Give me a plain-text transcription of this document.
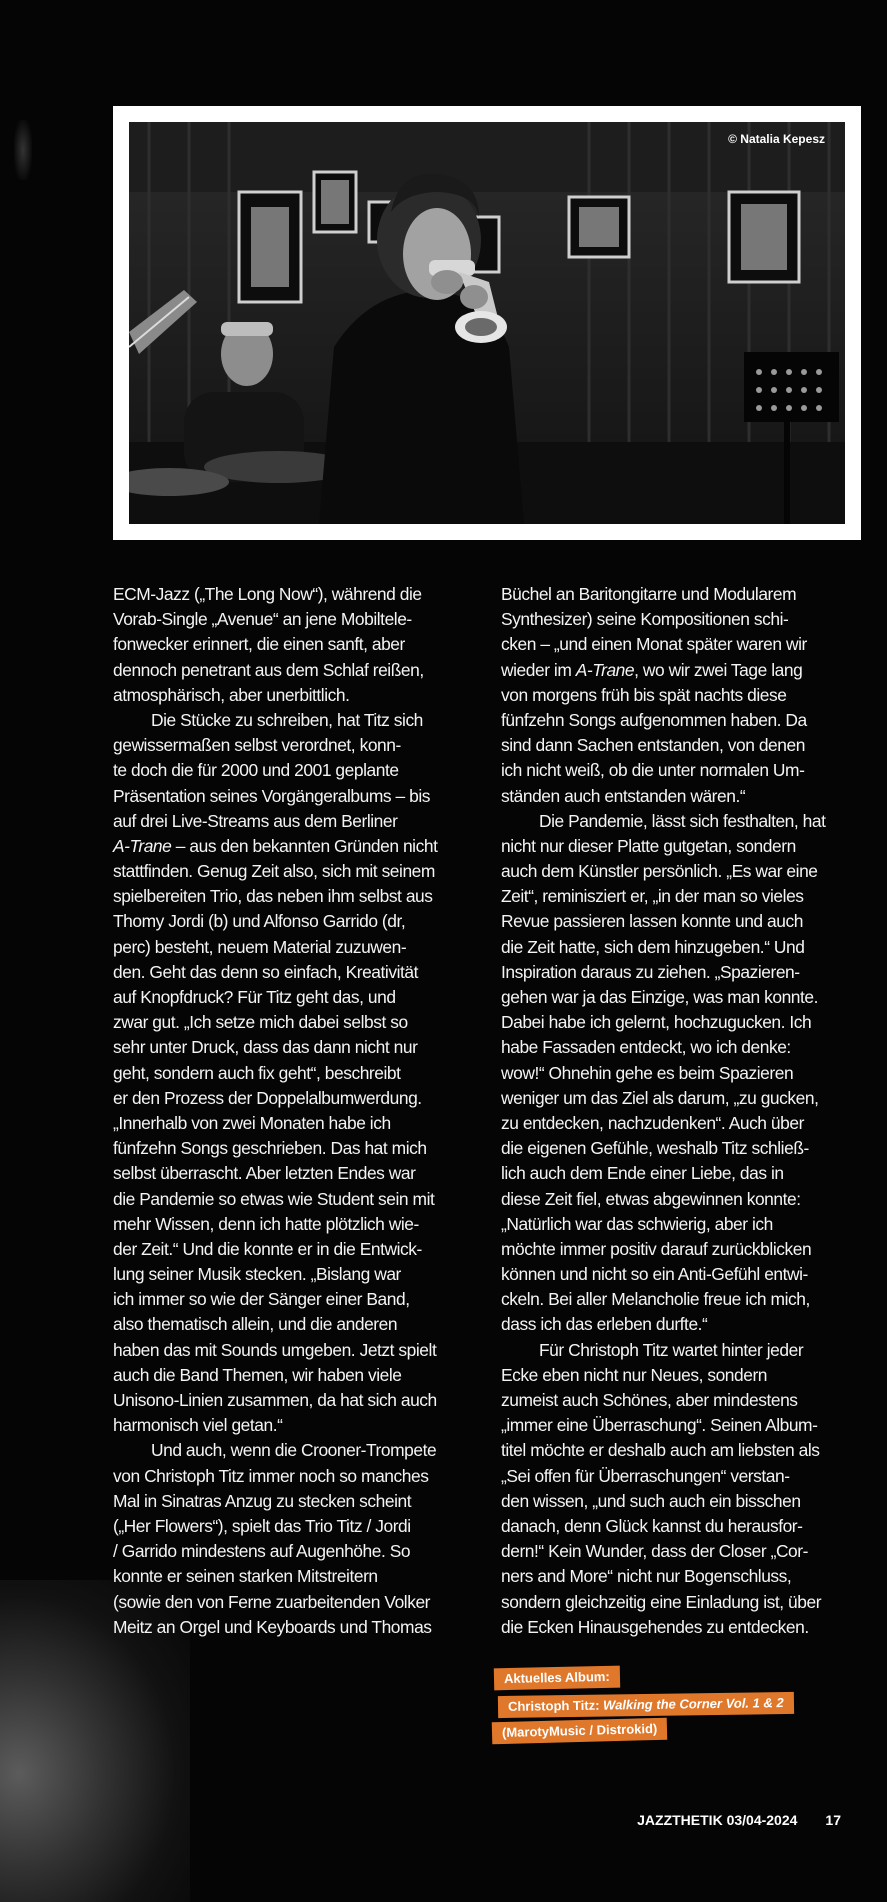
© Natalia Kepesz
ECM-Jazz („The Long Now“), während die
Vorab-Single „Avenue“ an jene Mobiltele-
fonwecker erinnert, die einen sanft, aber
dennoch penetrant aus dem Schlaf reißen,
atmosphärisch, aber unerbittlich.
Die Stücke zu schreiben, hat Titz sich
gewissermaßen selbst verordnet, konn-
te doch die für 2000 und 2001 geplante
Präsentation seines Vorgängeralbums – bis
auf drei Live-Streams aus dem Berliner
A-Trane – aus den bekannten Gründen nicht
stattfinden. Genug Zeit also, sich mit seinem
spielbereiten Trio, das neben ihm selbst aus
Thomy Jordi (b) und Alfonso Garrido (dr,
perc) besteht, neuem Material zuzuwen-
den. Geht das denn so einfach, Kreativität
auf Knopfdruck? Für Titz geht das, und
zwar gut. „Ich setze mich dabei selbst so
sehr unter Druck, dass das dann nicht nur
geht, sondern auch fix geht“, beschreibt
er den Prozess der Doppelalbumwerdung.
„Innerhalb von zwei Monaten habe ich
fünfzehn Songs geschrieben. Das hat mich
selbst überrascht. Aber letzten Endes war
die Pandemie so etwas wie Student sein mit
mehr Wissen, denn ich hatte plötzlich wie-
der Zeit.“ Und die konnte er in die Entwick-
lung seiner Musik stecken. „Bislang war
ich immer so wie der Sänger einer Band,
also thematisch allein, und die anderen
haben das mit Sounds umgeben. Jetzt spielt
auch die Band Themen, wir haben viele
Unisono-Linien zusammen, da hat sich auch
harmonisch viel getan.“
Und auch, wenn die Crooner-Trompete
von Christoph Titz immer noch so manches
Mal in Sinatras Anzug zu stecken scheint
(„Her Flowers“), spielt das Trio Titz / Jordi
/ Garrido mindestens auf Augenhöhe. So
konnte er seinen starken Mitstreitern
(sowie den von Ferne zuarbeitenden Volker
Meitz an Orgel und Keyboards und Thomas
Büchel an Baritongitarre und Modularem
Synthesizer) seine Kompositionen schi-
cken – „und einen Monat später waren wir
wieder im A-Trane, wo wir zwei Tage lang
von morgens früh bis spät nachts diese
fünfzehn Songs aufgenommen haben. Da
sind dann Sachen entstanden, von denen
ich nicht weiß, ob die unter normalen Um-
ständen auch entstanden wären.“
Die Pandemie, lässt sich festhalten, hat
nicht nur dieser Platte gutgetan, sondern
auch dem Künstler persönlich. „Es war eine
Zeit“, reminisziert er, „in der man so vieles
Revue passieren lassen konnte und auch
die Zeit hatte, sich dem hinzugeben.“ Und
Inspiration daraus zu ziehen. „Spazieren-
gehen war ja das Einzige, was man konnte.
Dabei habe ich gelernt, hochzugucken. Ich
habe Fassaden entdeckt, wo ich denke:
wow!“ Ohnehin gehe es beim Spazieren
weniger um das Ziel als darum, „zu gucken,
zu entdecken, nachzudenken“. Auch über
die eigenen Gefühle, weshalb Titz schließ-
lich auch dem Ende einer Liebe, das in
diese Zeit fiel, etwas abgewinnen konnte:
„Natürlich war das schwierig, aber ich
möchte immer positiv darauf zurückblicken
können und nicht so ein Anti-Gefühl entwi-
ckeln. Bei aller Melancholie freue ich mich,
dass ich das erleben durfte.“
Für Christoph Titz wartet hinter jeder
Ecke eben nicht nur Neues, sondern
zumeist auch Schönes, aber mindestens
„immer eine Überraschung“. Seinen Album-
titel möchte er deshalb auch am liebsten als
„Sei offen für Überraschungen“ verstan-
den wissen, „und such auch ein bisschen
danach, denn Glück kannst du herausfor-
dern!“ Kein Wunder, dass der Closer „Cor-
ners and More“ nicht nur Bogenschluss,
sondern gleichzeitig eine Einladung ist, über
die Ecken Hinausgehendes zu entdecken.
Aktuelles Album:
Christoph Titz: Walking the Corner Vol. 1 & 2
(MarotyMusic / Distrokid)
JAZZTHETIK 03/04-2024 17
